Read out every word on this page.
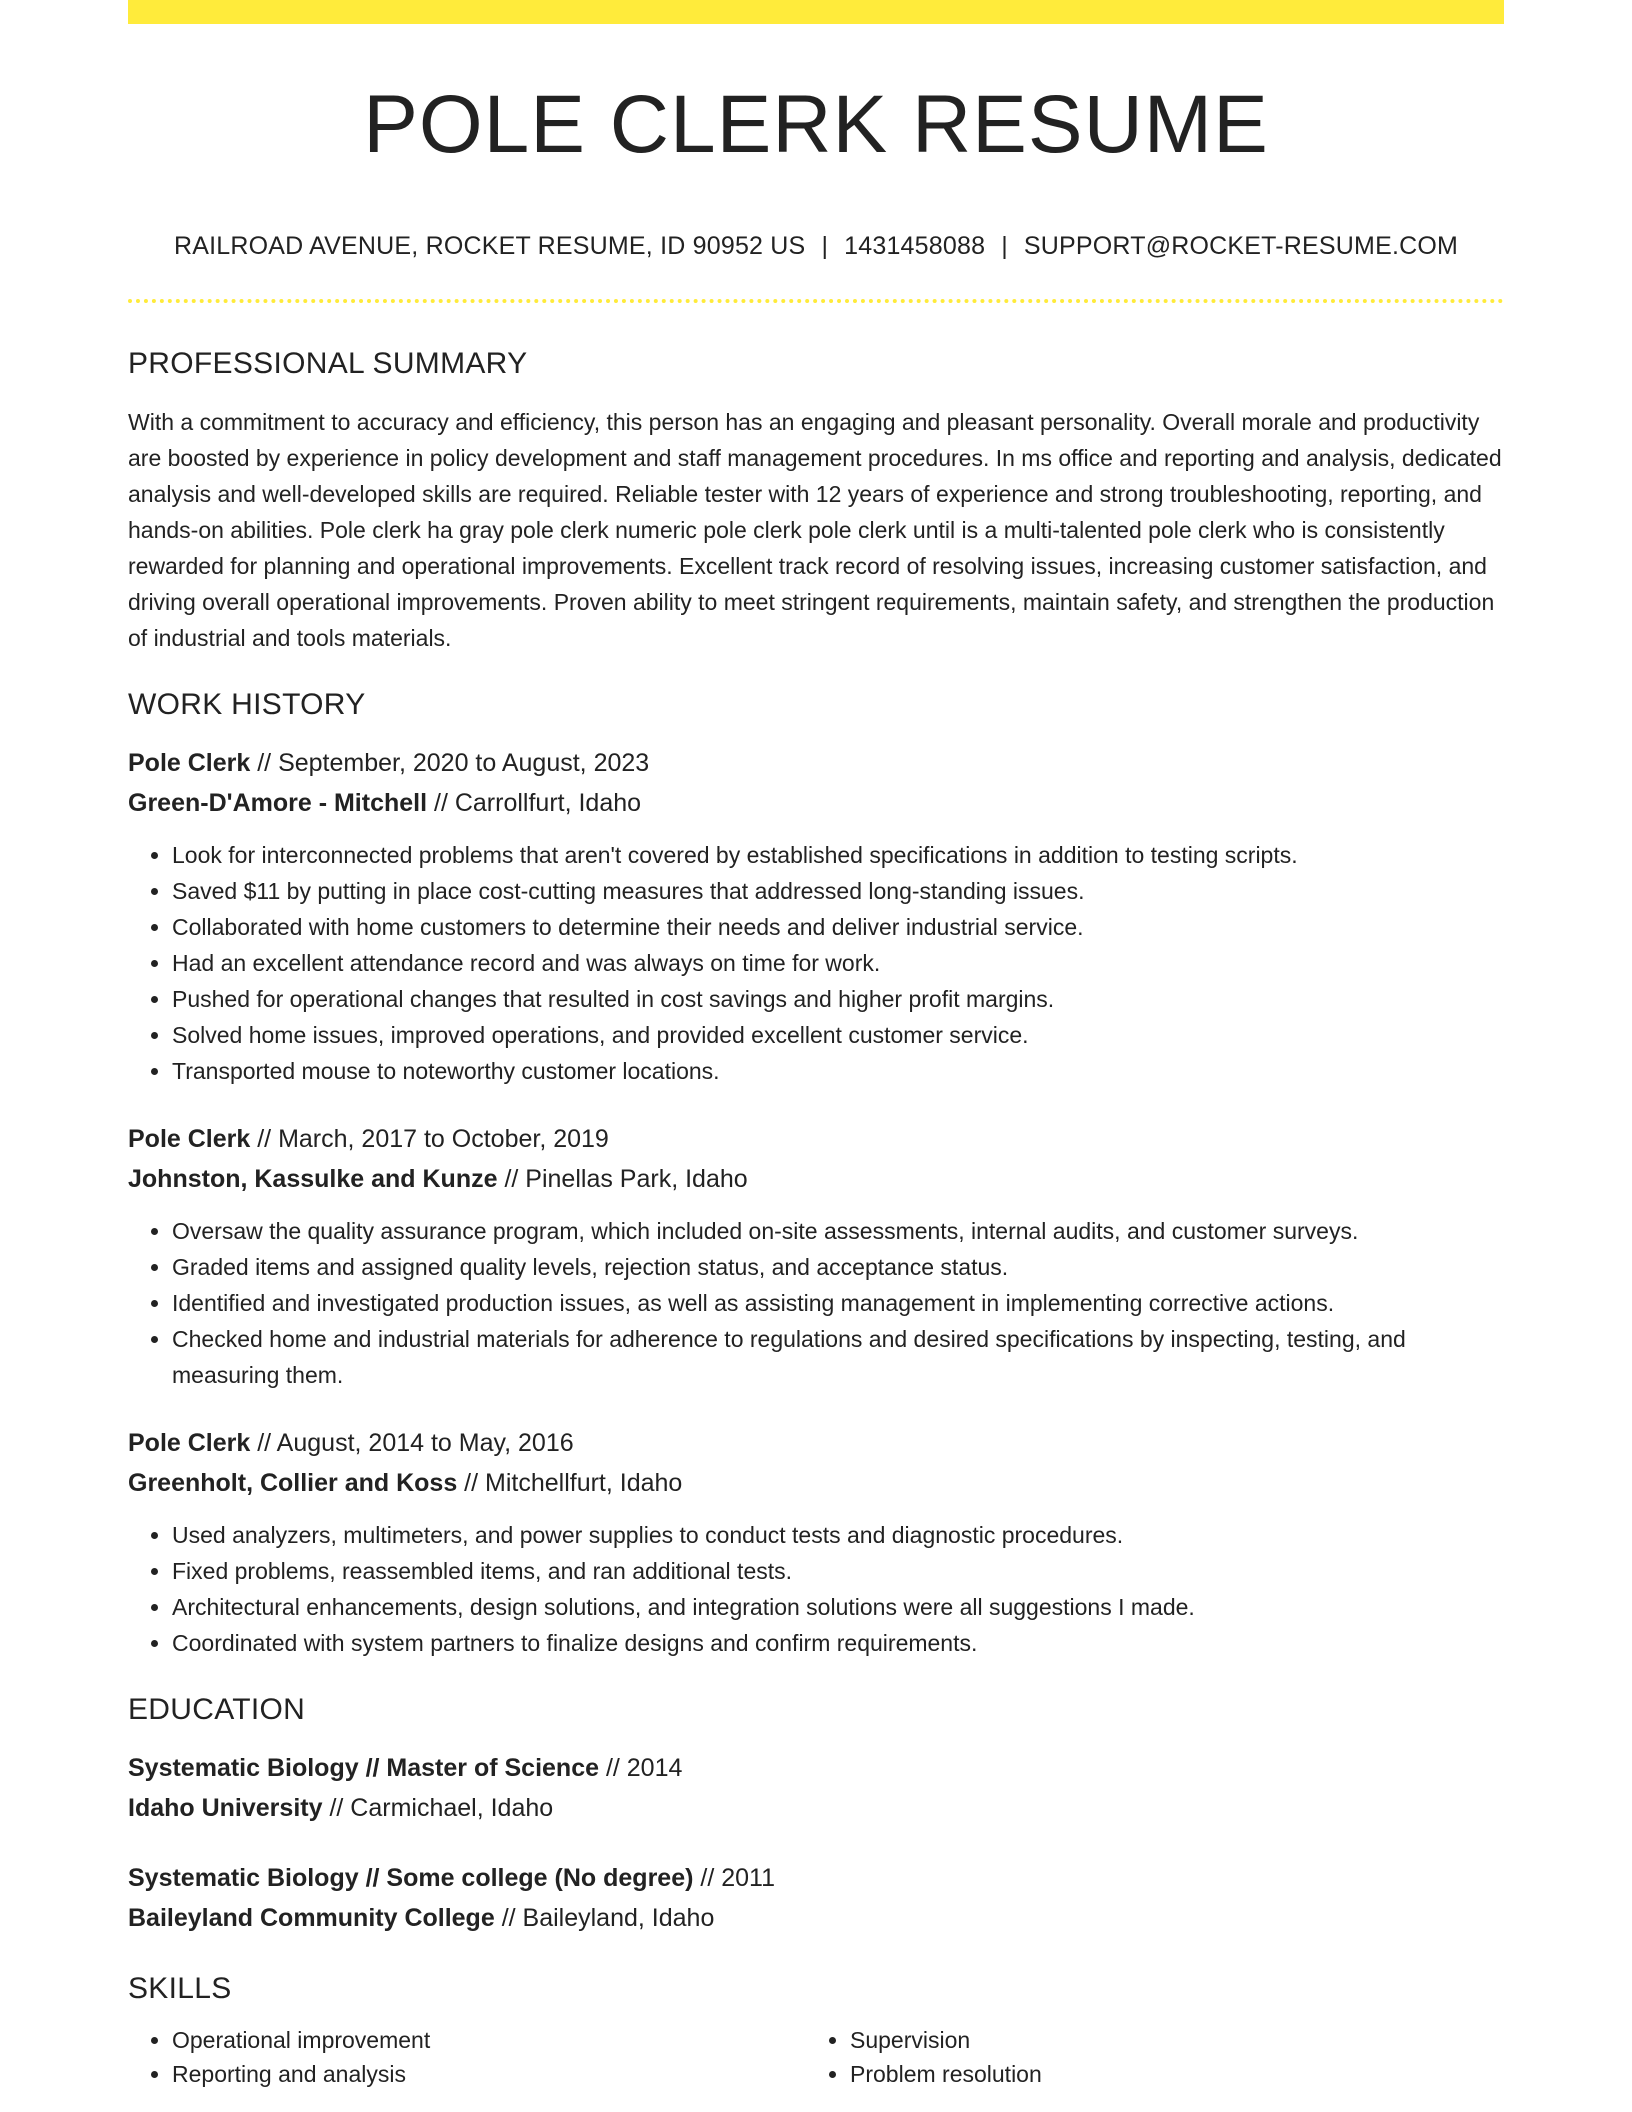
POLE CLERK RESUME
RAILROAD AVENUE, ROCKET RESUME, ID 90952 US | 1431458088 | SUPPORT@ROCKET-RESUME.COM
PROFESSIONAL SUMMARY
With a commitment to accuracy and efficiency, this person has an engaging and pleasant personality. Overall morale and productivity are boosted by experience in policy development and staff management procedures. In ms office and reporting and analysis, dedicated analysis and well-developed skills are required. Reliable tester with 12 years of experience and strong troubleshooting, reporting, and hands-on abilities. Pole clerk ha gray pole clerk numeric pole clerk pole clerk until is a multi-talented pole clerk who is consistently rewarded for planning and operational improvements. Excellent track record of resolving issues, increasing customer satisfaction, and driving overall operational improvements. Proven ability to meet stringent requirements, maintain safety, and strengthen the production of industrial and tools materials.
WORK HISTORY
Pole Clerk // September, 2020 to August, 2023
Green-D'Amore - Mitchell // Carrollfurt, Idaho
• Look for interconnected problems that aren't covered by established specifications in addition to testing scripts.
• Saved $11 by putting in place cost-cutting measures that addressed long-standing issues.
• Collaborated with home customers to determine their needs and deliver industrial service.
• Had an excellent attendance record and was always on time for work.
• Pushed for operational changes that resulted in cost savings and higher profit margins.
• Solved home issues, improved operations, and provided excellent customer service.
• Transported mouse to noteworthy customer locations.
Pole Clerk // March, 2017 to October, 2019
Johnston, Kassulke and Kunze // Pinellas Park, Idaho
• Oversaw the quality assurance program, which included on-site assessments, internal audits, and customer surveys.
• Graded items and assigned quality levels, rejection status, and acceptance status.
• Identified and investigated production issues, as well as assisting management in implementing corrective actions.
• Checked home and industrial materials for adherence to regulations and desired specifications by inspecting, testing, and measuring them.
Pole Clerk // August, 2014 to May, 2016
Greenholt, Collier and Koss // Mitchellfurt, Idaho
• Used analyzers, multimeters, and power supplies to conduct tests and diagnostic procedures.
• Fixed problems, reassembled items, and ran additional tests.
• Architectural enhancements, design solutions, and integration solutions were all suggestions I made.
• Coordinated with system partners to finalize designs and confirm requirements.
EDUCATION
Systematic Biology // Master of Science // 2014
Idaho University // Carmichael, Idaho
Systematic Biology // Some college (No degree) // 2011
Baileyland Community College // Baileyland, Idaho
SKILLS
• Operational improvement
• Reporting and analysis
• Supervision
• Problem resolution
